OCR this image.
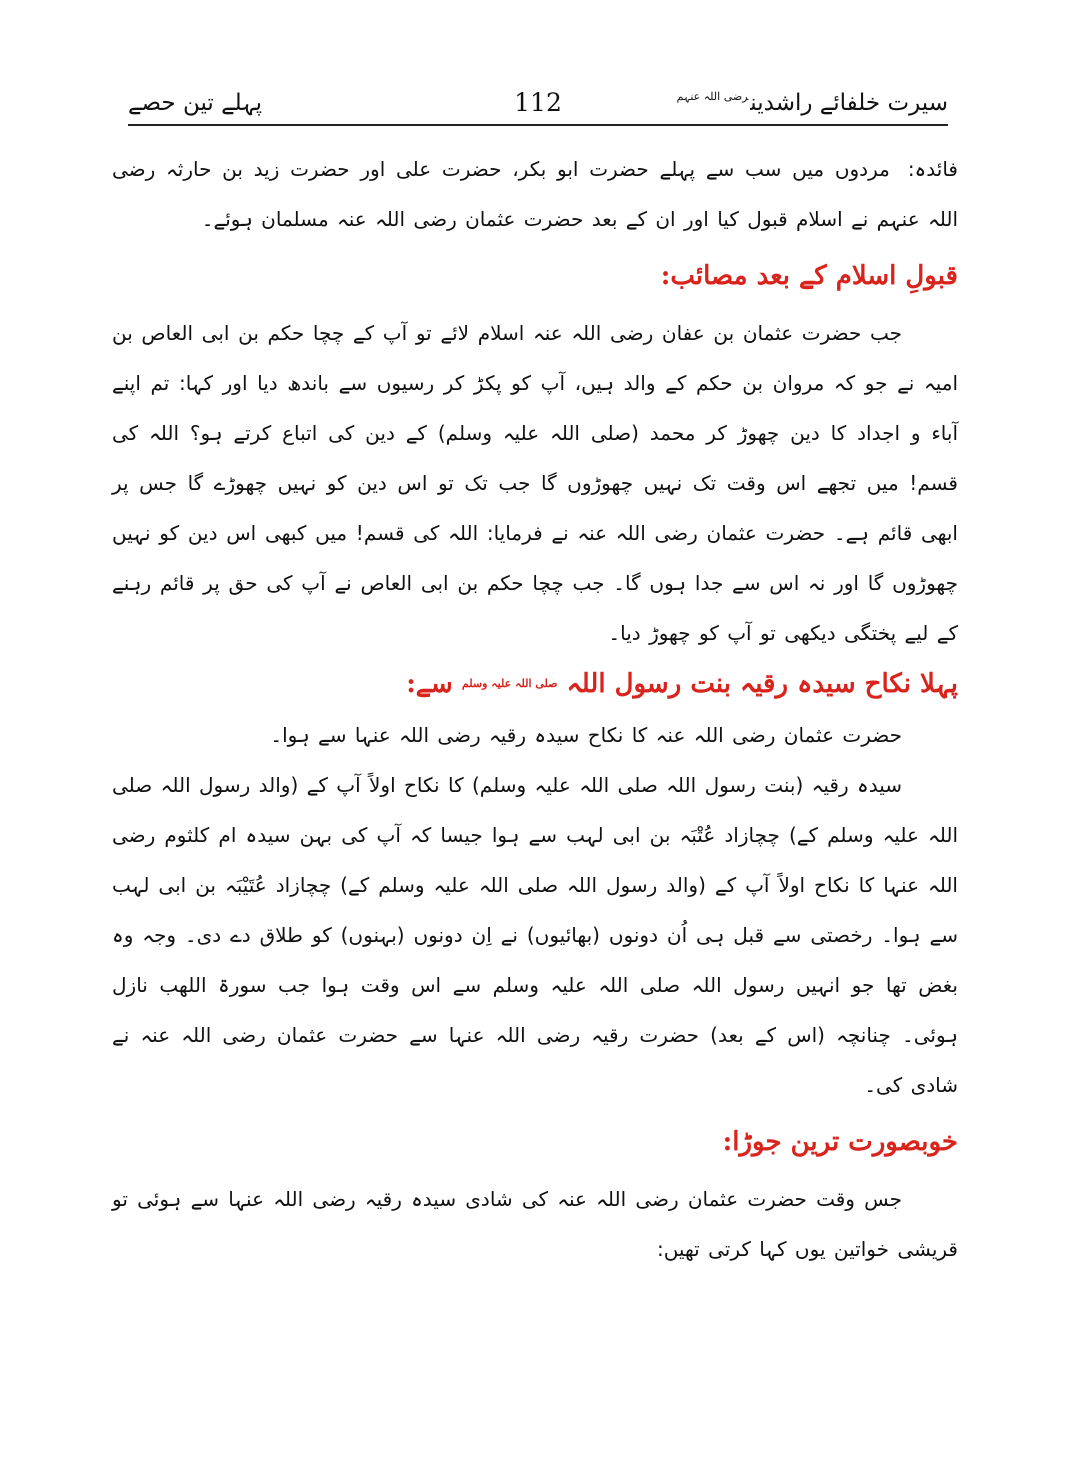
سیرت خلفائے راشدین$^{رضی اللہ عنہم}$
112
پہلے تین حصے

فائدہ:مردوں میں سب سے پہلے حضرت ابو بکر، حضرت علی اور حضرت زید بن حارثہ رضی اللہ عنہم نے اسلام قبول کیا اور ان کے بعد حضرت عثمان رضی اللہ عنہ مسلمان ہوئے۔

قبولِ اسلام کے بعد مصائب:

جب حضرت عثمان بن عفان رضی اللہ عنہ اسلام لائے تو آپ کے چچا حکم بن ابی العاص بن امیہ نے جو کہ مروان بن حکم کے والد ہیں، آپ کو پکڑ کر رسیوں سے باندھ دیا اور کہا: تم اپنے آباء و اجداد کا دین چھوڑ کر محمد (صلی اللہ علیہ وسلم) کے دین کی اتباع کرتے ہو؟ اللہ کی قسم! میں تجھے اس وقت تک نہیں چھوڑوں گا جب تک تو اس دین کو نہیں چھوڑے گا جس پر ابھی قائم ہے۔ حضرت عثمان رضی اللہ عنہ نے فرمایا: اللہ کی قسم! میں کبھی اس دین کو نہیں چھوڑوں گا اور نہ اس سے جدا ہوں گا۔ جب چچا حکم بن ابی العاص نے آپ کی حق پر قائم رہنے کے لیے پختگی دیکھی تو آپ کو چھوڑ دیا۔

پہلا نکاح سیدہ رقیہ بنت رسول اللہ $^{صلی اللہ علیہ وسلم}$ سے:

حضرت عثمان رضی اللہ عنہ کا نکاح سیدہ رقیہ رضی اللہ عنہا سے ہوا۔

سیدہ رقیہ (بنت رسول اللہ صلی اللہ علیہ وسلم) کا نکاح اولاً آپ کے (والد رسول اللہ صلی اللہ علیہ وسلم کے) چچازاد عُتْبَہ بن ابی لہب سے ہوا جیسا کہ آپ کی بہن سیدہ ام کلثوم رضی اللہ عنہا کا نکاح اولاً آپ کے (والد رسول اللہ صلی اللہ علیہ وسلم کے) چچازاد عُتَیْبَہ بن ابی لہب سے ہوا۔ رخصتی سے قبل ہی اُن دونوں (بھائیوں) نے اِن دونوں (بہنوں) کو طلاق دے دی۔ وجہ وہ بغض تھا جو انہیں رسول اللہ صلی اللہ علیہ وسلم سے اس وقت ہوا جب سورۃ اللھب نازل ہوئی۔ چنانچہ (اس کے بعد) حضرت رقیہ رضی اللہ عنہا سے حضرت عثمان رضی اللہ عنہ نے شادی کی۔

خوبصورت ترین جوڑا:

جس وقت حضرت عثمان رضی اللہ عنہ کی شادی سیدہ رقیہ رضی اللہ عنہا سے ہوئی تو قریشی خواتین یوں کہا کرتی تھیں:
